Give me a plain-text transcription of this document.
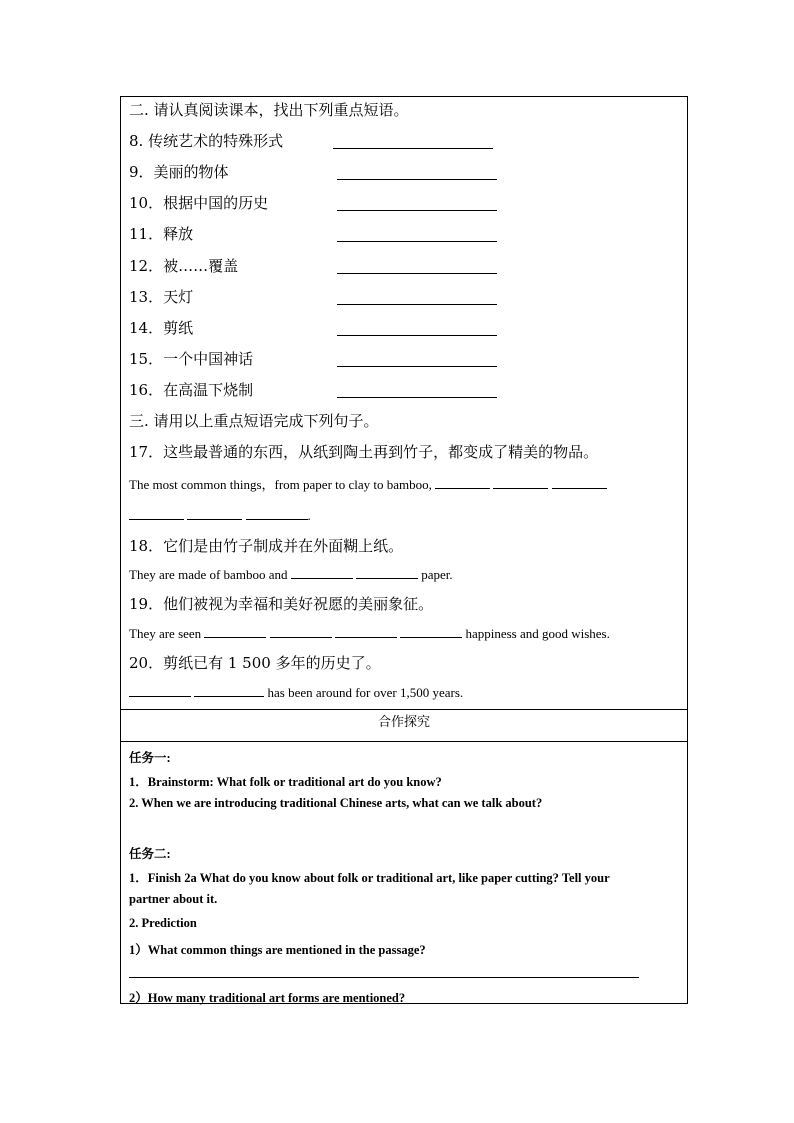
二. 请认真阅读课本，找出下列重点短语。
8. 传统艺术的特殊形式
9．美丽的物体
10．根据中国的历史
11．释放
12．被……覆盖
13．天灯
14．剪纸
15．一个中国神话
16．在高温下烧制
三. 请用以上重点短语完成下列句子。
17．这些最普通的东西，从纸到陶土再到竹子，都变成了精美的物品。
The most common things，from paper to clay to bamboo,
.
18．它们是由竹子制成并在外面糊上纸。
They are made of bamboo and	paper.
19．他们被视为幸福和美好祝愿的美丽象征。
They are seen	happiness and good wishes.
20．剪纸已有 1 500 多年的历史了。
has been around for over 1,500 years.
合作探究
任务一:
1．Brainstorm: What folk or traditional art do you know?
2. When we are introducing traditional Chinese arts, what can we talk about?
任务二:
1．Finish 2a What do you know about folk or traditional art, like paper cutting? Tell your
partner about it.
2. Prediction
1）What common things are mentioned in the passage?
2）How many traditional art forms are mentioned?
